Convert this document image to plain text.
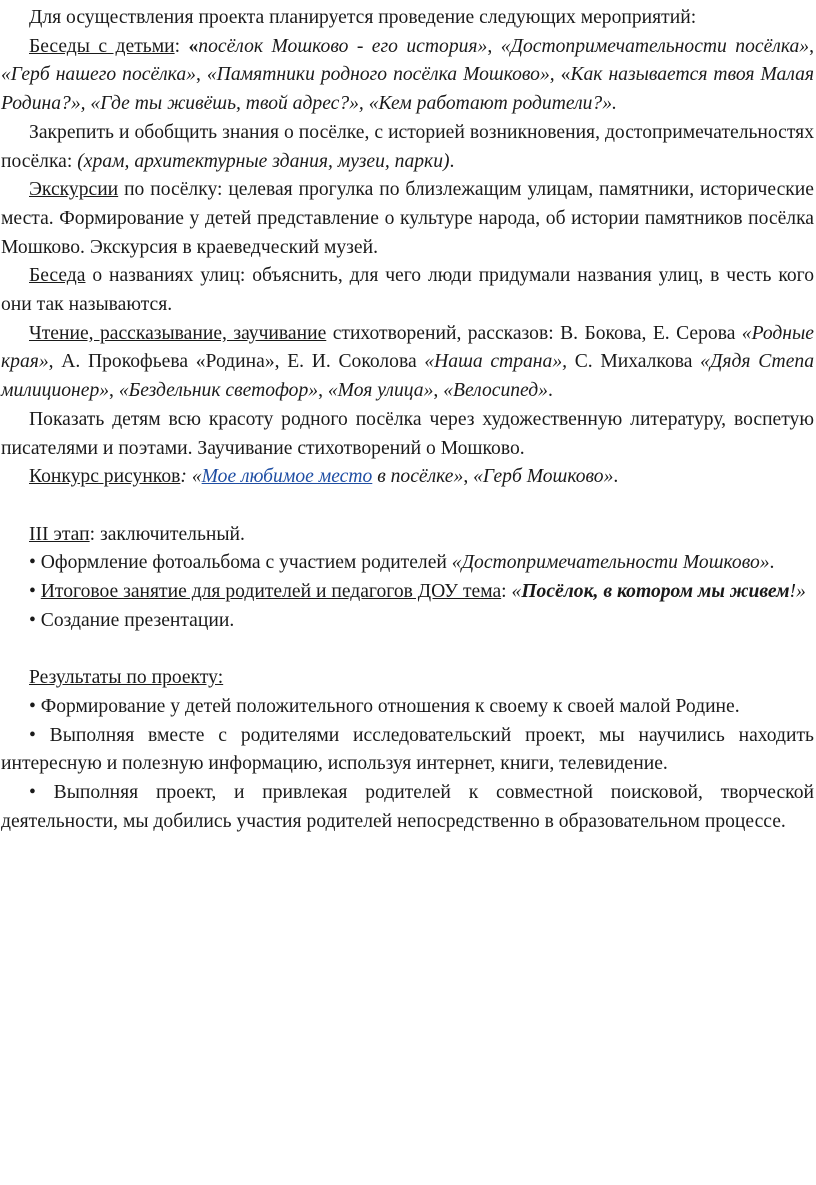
Для осуществления проекта планируется проведение следующих мероприятий:

Беседы с детьми: «посёлок Мошково - его история», «Достопримечательности посёлка», «Герб нашего посёлка», «Памятники родного посёлка Мошково», «Как называется твоя Малая Родина?», «Где ты живёшь, твой адрес?», «Кем работают родители?».

Закрепить и обобщить знания о посёлке, с историей возникновения, достопримечательностях посёлка: (храм, архитектурные здания, музеи, парки).

Экскурсии по посёлку: целевая прогулка по близлежащим улицам, памятники, исторические места. Формирование у детей представление о культуре народа, об истории памятников посёлка Мошково. Экскурсия в краеведческий музей.

Беседа о названиях улиц: объяснить, для чего люди придумали названия улиц, в честь кого они так называются.

Чтение, рассказывание, заучивание стихотворений, рассказов: В. Бокова, Е. Серова «Родные края», А. Прокофьева «Родина», Е. И. Соколова «Наша страна», С. Михалкова «Дядя Степа милиционер», «Бездельник светофор», «Моя улица», «Велосипед».

Показать детям всю красоту родного посёлка через художественную литературу, воспетую писателями и поэтами. Заучивание стихотворений о Мошково.

Конкурс рисунков: «Мое любимое место в посёлке», «Герб Мошково».

III этап: заключительный.

• Оформление фотоальбома с участием родителей «Достопримечательности Мошково».

• Итоговое занятие для родителей и педагогов ДОУ тема: «Посёлок, в котором мы живем!»

• Создание презентации.

Результаты по проекту:

• Формирование у детей положительного отношения к своему к своей малой Родине.

• Выполняя вместе с родителями исследовательский проект, мы научились находить интересную и полезную информацию, используя интернет, книги, телевидение.

• Выполняя проект, и привлекая родителей к совместной поисковой, творческой деятельности, мы добились участия родителей непосредственно в образовательном процессе.
